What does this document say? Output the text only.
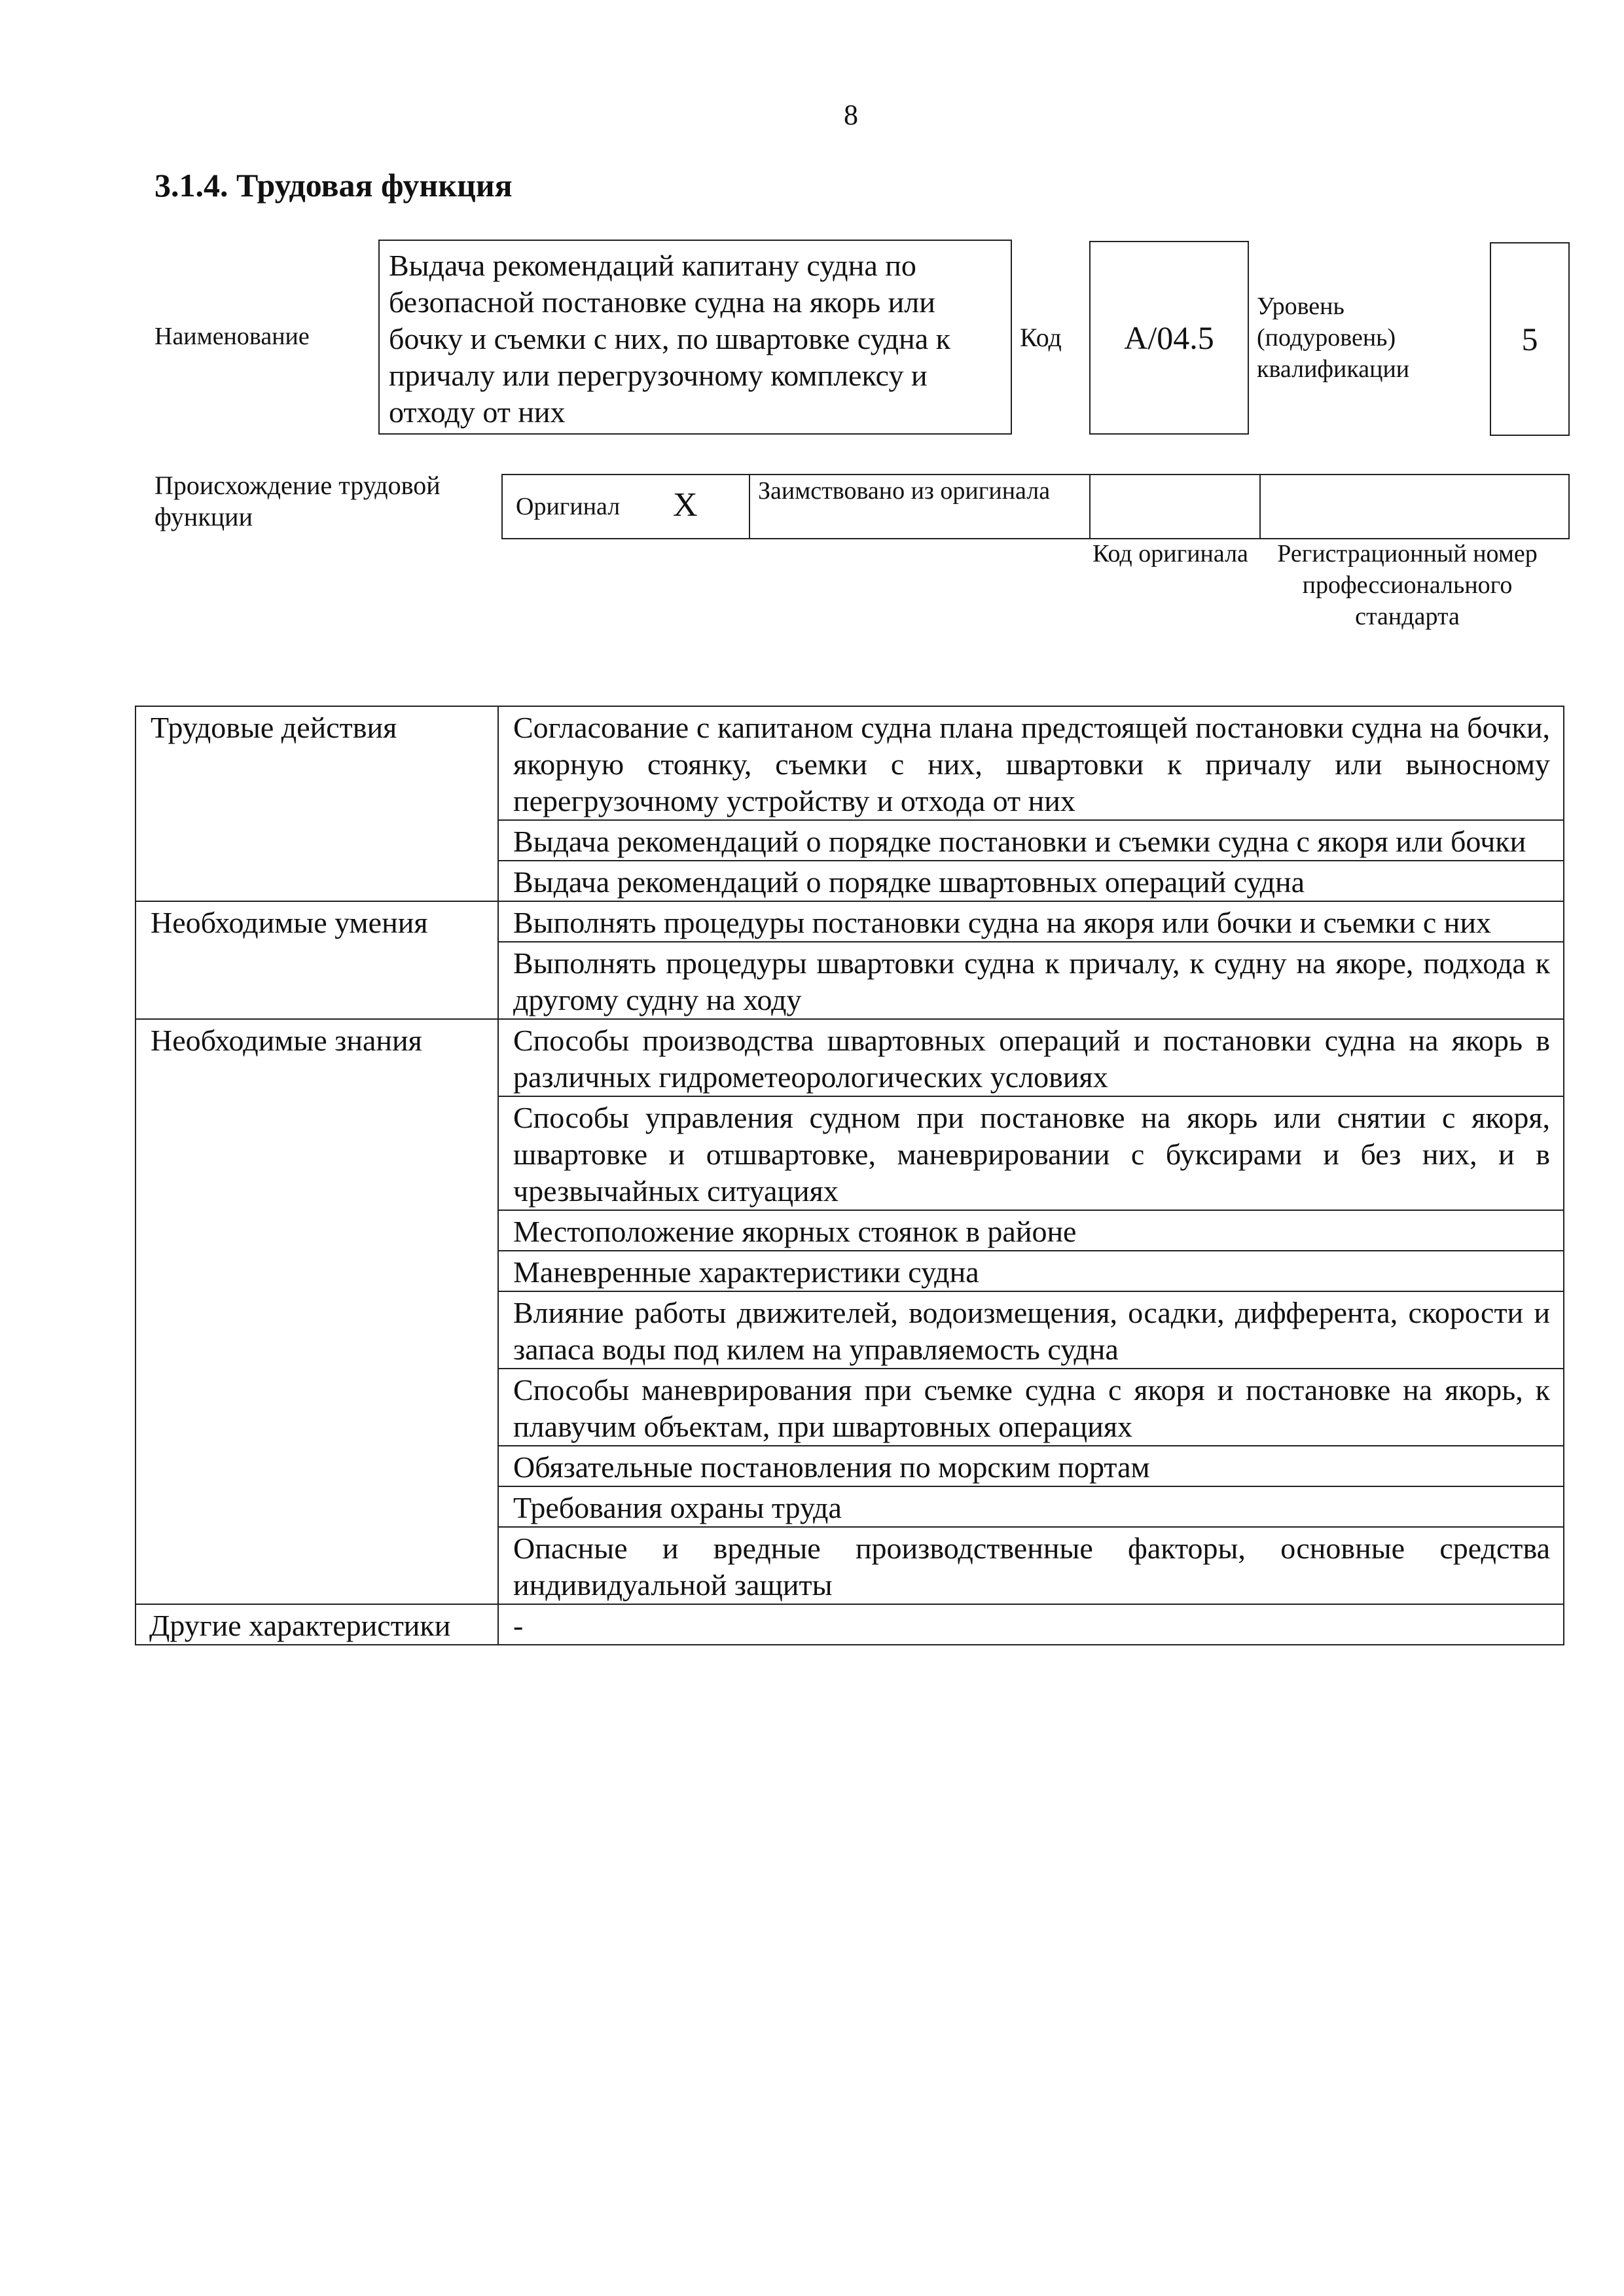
8
3.1.4. Трудовая функция
Наименование
Выдача рекомендаций капитану судна по безопасной постановке судна на якорь или бочку и съемки с них, по швартовке судна к причалу или перегрузочному комплексу и отходу от них
Код	A/04.5
Уровень (подуровень) квалификации
5
Происхождение трудовой функции	Оригинал X Заимствовано из оригинала
Код оригинала Регистрационный номер профессионального стандарта
Трудовые действия	Согласование с капитаном судна плана предстоящей постановки судна на бочки, якорную стоянку, съемки с них, швартовки к причалу или выносному перегрузочному устройству и отхода от них
	Выдача рекомендаций о порядке постановки и съемки судна с якоря или бочки
	Выдача рекомендаций о порядке швартовных операций судна
Необходимые умения	Выполнять процедуры постановки судна на якоря или бочки и съемки с них
	Выполнять процедуры швартовки судна к причалу, к судну на якоре, подхода к другому судну на ходу
Необходимые знания	Способы производства швартовных операций и постановки судна на якорь в различных гидрометеорологических условиях
	Способы управления судном при постановке на якорь или снятии с якоря, швартовке и отшвартовке, маневрировании с буксирами и без них, и в чрезвычайных ситуациях
	Местоположение якорных стоянок в районе
	Маневренные характеристики судна
	Влияние работы движителей, водоизмещения, осадки, дифферента, скорости и запаса воды под килем на управляемость судна
	Способы маневрирования при съемке судна с якоря и постановке на якорь, к плавучим объектам, при швартовных операциях
	Обязательные постановления по морским портам
	Требования охраны труда
	Опасные и вредные производственные факторы, основные средства индивидуальной защиты
Другие характеристики	-
